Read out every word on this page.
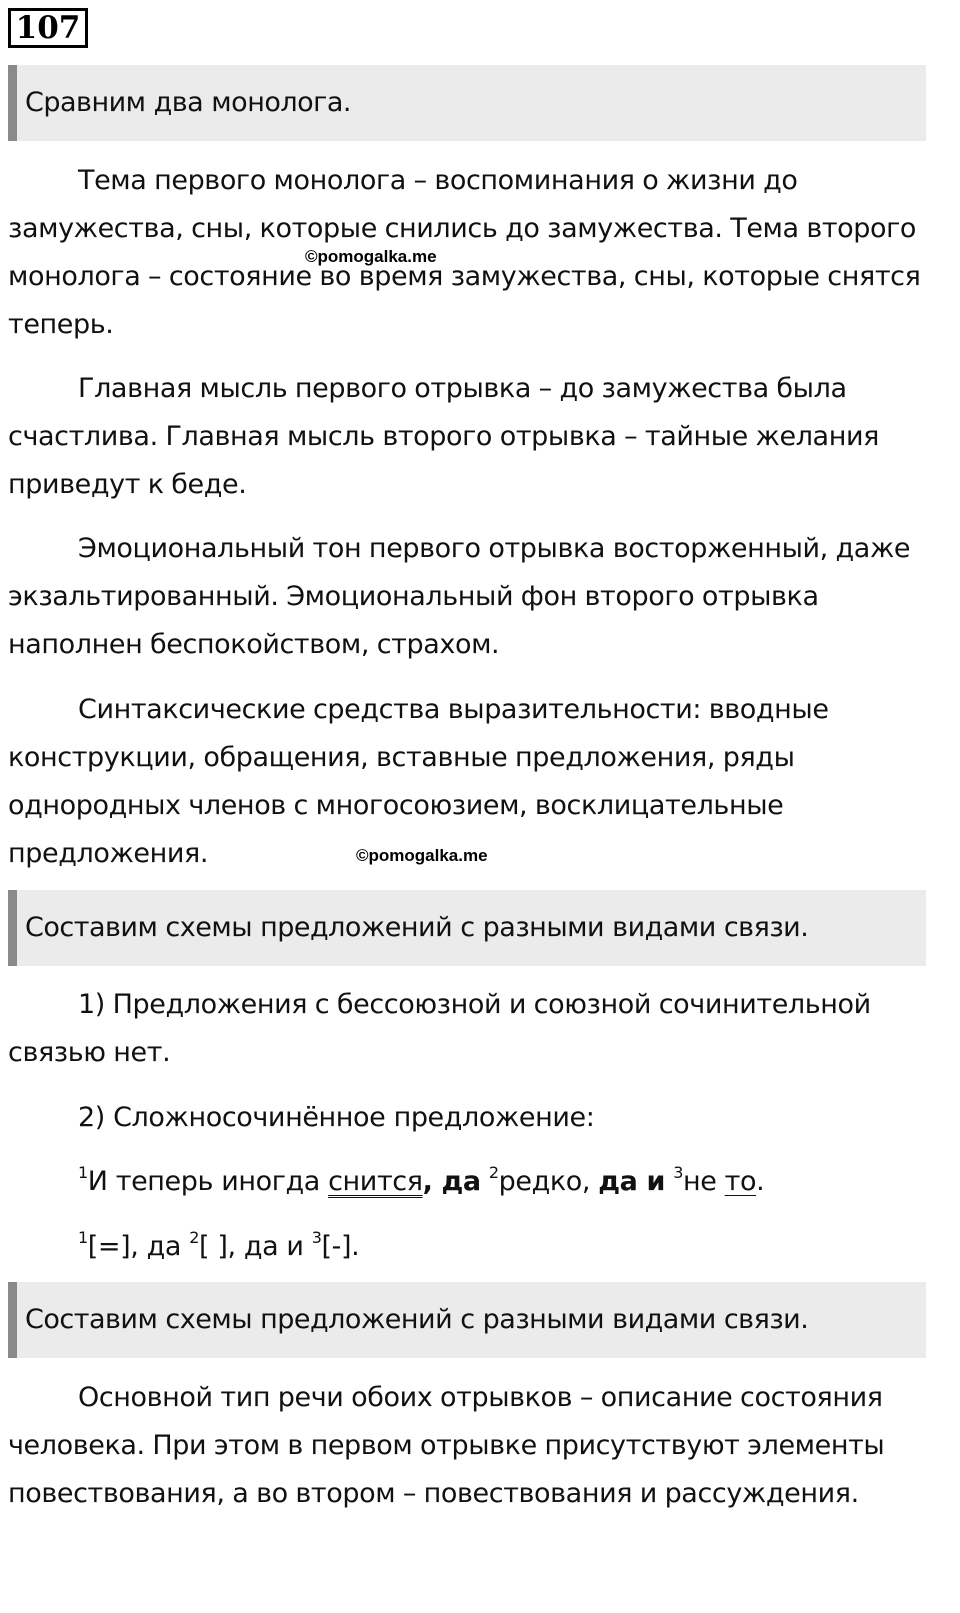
107
Сравним два монолога.

Тема первого монолога – воспоминания о жизни до замужества, сны, которые снились до замужества. Тема второго монолога – состояние во время замужества, сны, которые снятся теперь.

©pomogalka.me

Главная мысль первого отрывка – до замужества была счастлива. Главная мысль второго отрывка – тайные желания приведут к беде.

Эмоциональный тон первого отрывка восторженный, даже экзальтированный. Эмоциональный фон второго отрывка наполнен беспокойством, страхом.

Синтаксические средства выразительности: вводные конструкции, обращения, вставные предложения, ряды однородных членов с многосоюзием, восклицательные предложения.	©pomogalka.me
Составим схемы предложений с разными видами связи.

1) Предложения с бессоюзной и союзной сочинительной связью нет.

2) Сложносочинённое предложение:

$^1$И теперь иногда снится, да $^2$редко, да и $^3$не то.

$^1$[=], да $^2$[ ], да и $^3$[-].

Составим схемы предложений с разными видами связи.

Основной тип речи обоих отрывков – описание состояния человека. При этом в первом отрывке присутствуют элементы повествования, а во втором – повествования и рассуждения.
